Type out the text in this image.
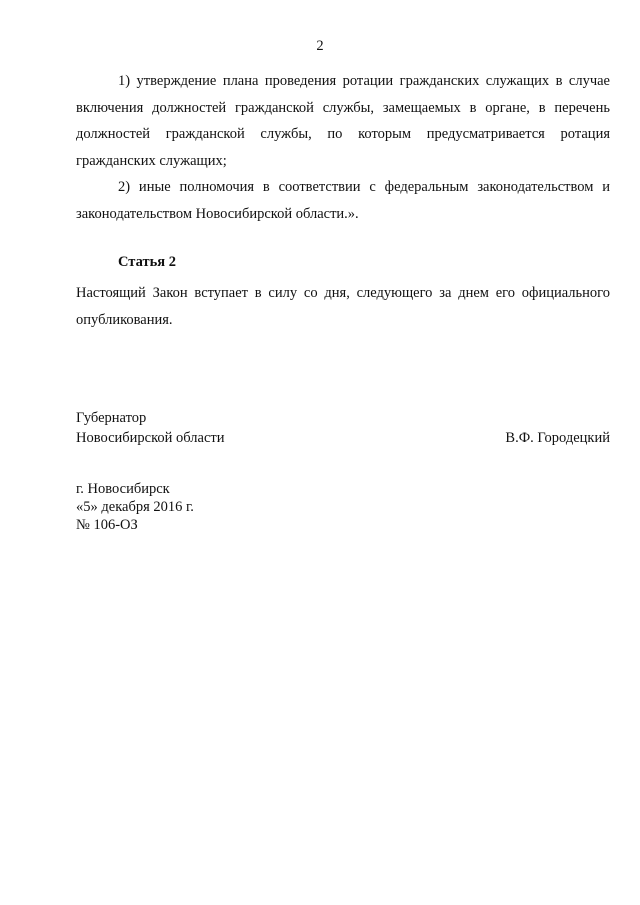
2

1) утверждение плана проведения ротации гражданских служащих в случае включения должностей гражданской службы, замещаемых в органе, в перечень должностей гражданской службы, по которым предусматривается ротация гражданских служащих;

2) иные полномочия в соответствии с федеральным законодательством и законодательством Новосибирской области.».

Статья 2

Настоящий Закон вступает в силу со дня, следующего за днем его официального опубликования.

Губернатор
Новосибирской области	В.Ф. Городецкий
г. Новосибирск
«5» декабря 2016 г.
№ 106-ОЗ
